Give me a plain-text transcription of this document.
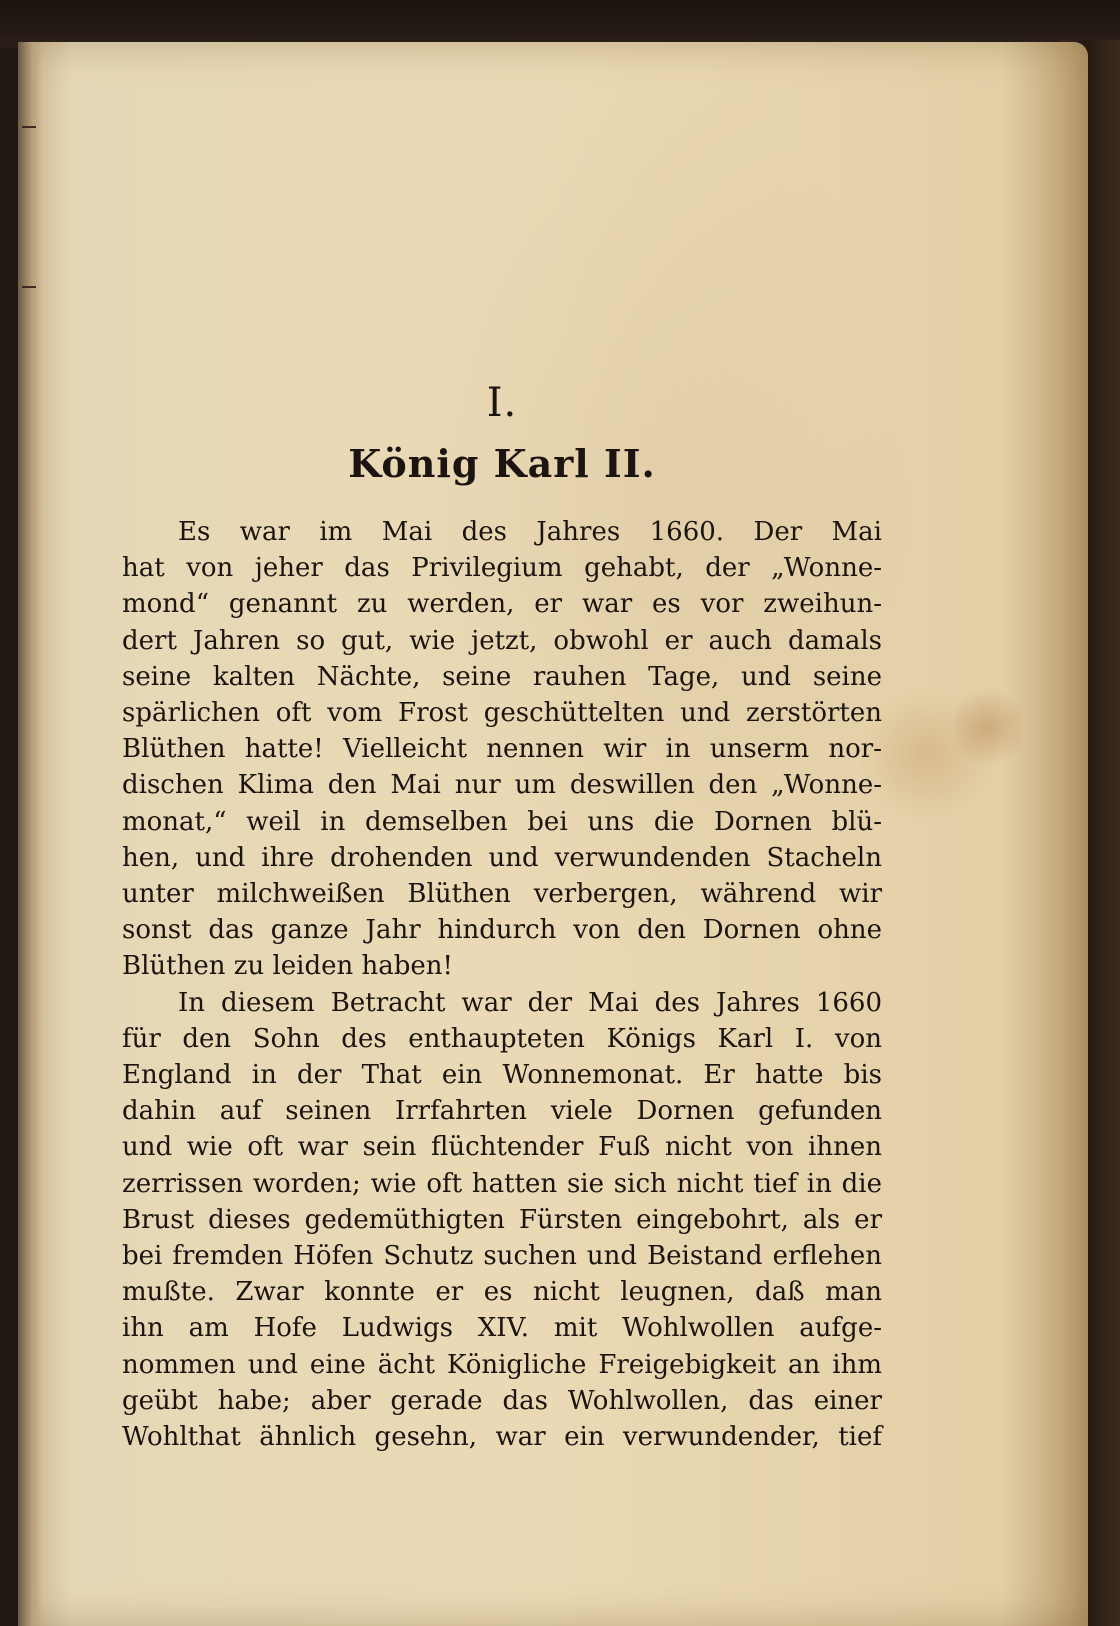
I.
König Karl II.
Es war im Mai des Jahres 1660. Der Mai
hat von jeher das Privilegium gehabt, der „Wonne-
mond“ genannt zu werden, er war es vor zweihun-
dert Jahren so gut, wie jetzt, obwohl er auch damals
seine kalten Nächte, seine rauhen Tage, und seine
spärlichen oft vom Frost geschüttelten und zerstörten
Blüthen hatte! Vielleicht nennen wir in unserm nor-
dischen Klima den Mai nur um deswillen den „Wonne-
monat,“ weil in demselben bei uns die Dornen blü-
hen, und ihre drohenden und verwundenden Stacheln
unter milchweißen Blüthen verbergen, während wir
sonst das ganze Jahr hindurch von den Dornen ohne
Blüthen zu leiden haben!
In diesem Betracht war der Mai des Jahres 1660
für den Sohn des enthaupteten Königs Karl I. von
England in der That ein Wonnemonat. Er hatte bis
dahin auf seinen Irrfahrten viele Dornen gefunden
und wie oft war sein flüchtender Fuß nicht von ihnen
zerrissen worden; wie oft hatten sie sich nicht tief in die
Brust dieses gedemüthigten Fürsten eingebohrt, als er
bei fremden Höfen Schutz suchen und Beistand erflehen
mußte. Zwar konnte er es nicht leugnen, daß man
ihn am Hofe Ludwigs XIV. mit Wohlwollen aufge-
nommen und eine ächt Königliche Freigebigkeit an ihm
geübt habe; aber gerade das Wohlwollen, das einer
Wohlthat ähnlich gesehn, war ein verwundender, tief
